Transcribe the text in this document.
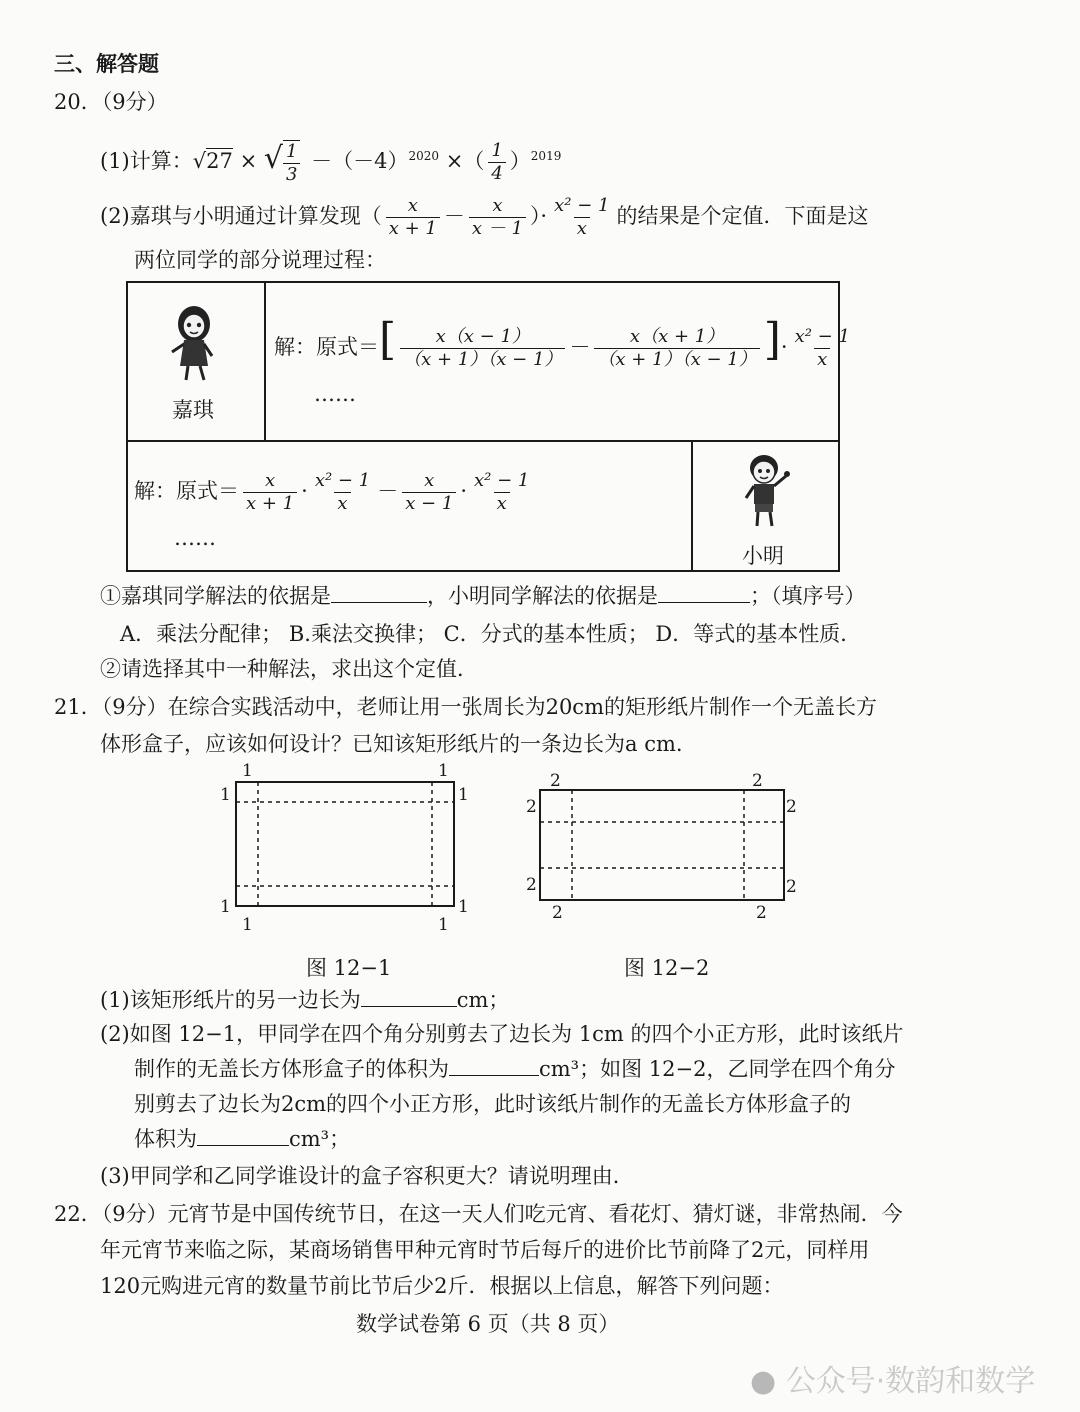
三、解答题
20．（9分）
(1)计算：√27 × √ $\frac{1}{3} -(-4)^{2020}$ ×（ $\frac{1}{4} )^{2019}$
(2)嘉琪与小明通过计算发现（ $\frac{x}{x + 1} - \frac{x}{x - 1}$ ）· $\frac{\text{x² − 1}}{x}$ 的结果是个定值．下面是这
两位同学的部分说理过程：
嘉琪
解：原式＝[ $\frac{x(x - 1)}{(x + 1)(x - 1)} - \frac{x(x + 1)}{(x + 1)(x - 1)}$ ]· $\frac{\text{x² − 1}}{x}$
……
解：原式＝ $\frac{x}{x + 1} \cdot \frac{\text{x² − 1}}{x} - \frac{x}{x - 1} \cdot \frac{\text{x² − 1}}{x}$
……
小明
①嘉琪同学解法的依据是	，小明同学解法的依据是	；（填序号）
A．乘法分配律； B.乘法交换律； C．分式的基本性质； D．等式的基本性质．
②请选择其中一种解法，求出这个定值．
21．（9分）在综合实践活动中，老师让用一张周长为20cm的矩形纸片制作一个无盖长方
体形盒子，应该如何设计？已知该矩形纸片的一条边长为a cm.
1	1
1	1
1	1
1	1
图 12−1
2	2
2	2
2	2
2	2
图 12−2
(1)该矩形纸片的另一边长为	cm；
(2)如图 12−1，甲同学在四个角分别剪去了边长为 1cm 的四个小正方形，此时该纸片
制作的无盖长方体形盒子的体积为	cm³；如图 12−2，乙同学在四个角分
别剪去了边长为2cm的四个小正方形，此时该纸片制作的无盖长方体形盒子的
体积为	cm³；
(3)甲同学和乙同学谁设计的盒子容积更大？请说明理由．
22．（9分）元宵节是中国传统节日，在这一天人们吃元宵、看花灯、猜灯谜，非常热闹．今
年元宵节来临之际，某商场销售甲种元宵时节后每斤的进价比节前降了2元，同样用
120元购进元宵的数量节前比节后少2斤．根据以上信息，解答下列问题：
数学试卷第 6 页（共 8 页）
● 公众号·数韵和数学
